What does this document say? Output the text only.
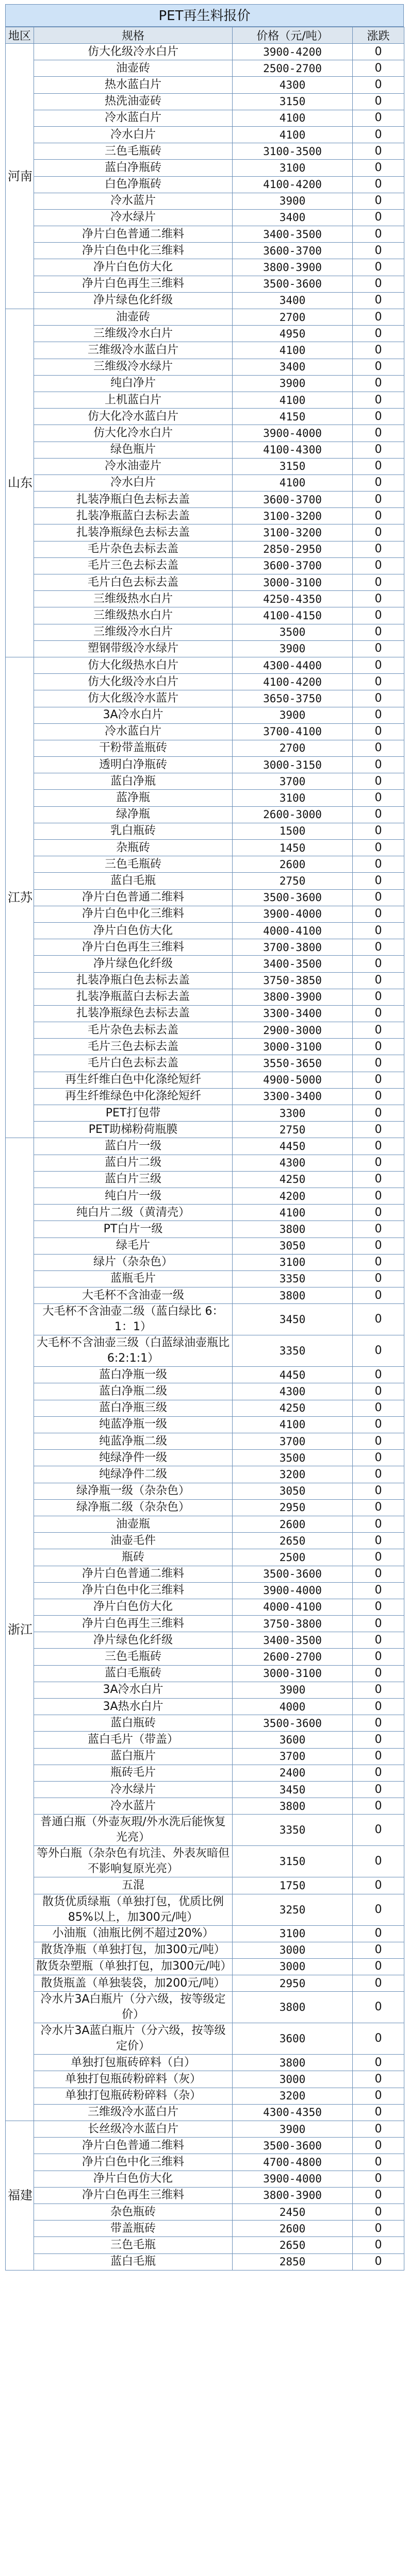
PET再生料报价
地区	规格	价格（元/吨）	涨跌
河南	仿大化级冷水白片	3900-4200	0
	油壶砖	2500-2700	0
	热水蓝白片	4300	0
	热洗油壶砖	3150	0
	冷水蓝白片	4100	0
	冷水白片	4100	0
	三色毛瓶砖	3100-3500	0
	蓝白净瓶砖	3100	0
	白色净瓶砖	4100-4200	0
	冷水蓝片	3900	0
	冷水绿片	3400	0
	净片白色普通二维料	3400-3500	0
	净片白色中化三维料	3600-3700	0
	净片白色仿大化	3800-3900	0
	净片白色再生三维料	3500-3600	0
	净片绿色化纤级	3400	0
山东	油壶砖	2700	0
	三维级冷水白片	4950	0
	三维级冷水蓝白片	4100	0
	三维级冷水绿片	3400	0
	纯白净片	3900	0
	上机蓝白片	4100	0
	仿大化冷水蓝白片	4150	0
	仿大化冷水白片	3900-4000	0
	绿色瓶片	4100-4300	0
	冷水油壶片	3150	0
	冷水白片	4100	0
	扎装净瓶白色去标去盖	3600-3700	0
	扎装净瓶蓝白去标去盖	3100-3200	0
	扎装净瓶绿色去标去盖	3100-3200	0
	毛片杂色去标去盖	2850-2950	0
	毛片三色去标去盖	3600-3700	0
	毛片白色去标去盖	3000-3100	0
	三维级热水白片	4250-4350	0
	三维级热水白片	4100-4150	0
	三维级冷水白片	3500	0
	塑钢带级冷水绿片	3900	0
江苏	仿大化级热水白片	4300-4400	0
	仿大化级冷水白片	4100-4200	0
	仿大化级冷水蓝片	3650-3750	0
	3A冷水白片	3900	0
	冷水蓝白片	3700-4100	0
	干粉带盖瓶砖	2700	0
	透明白净瓶砖	3000-3150	0
	蓝白净瓶	3700	0
	蓝净瓶	3100	0
	绿净瓶	2600-3000	0
	乳白瓶砖	1500	0
	杂瓶砖	1450	0
	三色毛瓶砖	2600	0
	蓝白毛瓶	2750	0
	净片白色普通二维料	3500-3600	0
	净片白色中化三维料	3900-4000	0
	净片白色仿大化	4000-4100	0
	净片白色再生三维料	3700-3800	0
	净片绿色化纤级	3400-3500	0
	扎装净瓶白色去标去盖	3750-3850	0
	扎装净瓶蓝白去标去盖	3800-3900	0
	扎装净瓶绿色去标去盖	3300-3400	0
	毛片杂色去标去盖	2900-3000	0
	毛片三色去标去盖	3000-3100	0
	毛片白色去标去盖	3550-3650	0
	再生纤维白色中化涤纶短纤	4900-5000	0
	再生纤维绿色中化涤纶短纤	3300-3400	0
	PET打包带	3300	0
	PET助梯粉荷瓶膜	2750	0
浙江	蓝白片一级	4450	0
	蓝白片二级	4300	0
	蓝白片三级	4250	0
	纯白片一级	4200	0
	纯白片二级（黄清壳）	4100	0
	PT白片一级	3800	0
	绿毛片	3050	0
	绿片（杂杂色）	3100	0
	蓝瓶毛片	3350	0
	大毛杯不含油壶一级	3800	0
	大毛杯不含油壶二级（蓝白绿比 6：1：1）	3450	0
	大毛杯不含油壶三级（白蓝绿油壶瓶比6:2:1:1）	3350	0
	蓝白净瓶一级	4450	0
	蓝白净瓶二级	4300	0
	蓝白净瓶三级	4250	0
	纯蓝净瓶一级	4100	0
	纯蓝净瓶二级	3700	0
	纯绿净件一级	3500	0
	纯绿净件二级	3200	0
	绿净瓶一级（杂杂色）	3050	0
	绿净瓶二级（杂杂色）	2950	0
	油壶瓶	2600	0
	油壶毛件	2650	0
	瓶砖	2500	0
	净片白色普通二维料	3500-3600	0
	净片白色中化三维料	3900-4000	0
	净片白色仿大化	4000-4100	0
	净片白色再生三维料	3750-3800	0
	净片绿色化纤级	3400-3500	0
	三色毛瓶砖	2600-2700	0
	蓝白毛瓶砖	3000-3100	0
	3A冷水白片	3900	0
	3A热水白片	4000	0
	蓝白瓶砖	3500-3600	0
	蓝白毛片（带盖）	3600	0
	蓝白瓶片	3700	0
	瓶砖毛片	2400	0
	冷水绿片	3450	0
	冷水蓝片	3800	0
	普通白瓶（外壶灰瑕/外水洗后能恢复光亮）	3350	0
	等外白瓶（杂杂色有坑洼、外表灰暗但不影响复原光亮）	3150	0
	五混	1750	0
	散货优质绿瓶（单独打包，优质比例85%以上，加300元/吨）	3250	0
	小油瓶（油瓶比例不超过20%）	3100	0
	散货净瓶（单独打包，加300元/吨）	3000	0
	散货杂塑瓶（单独打包，加300元/吨）	3000	0
	散货瓶盖（单独装袋，加200元/吨）	2950	0
	冷水片3A白瓶片（分六级，按等级定价）	3800	0
	冷水片3A蓝白瓶片（分六级，按等级定价）	3600	0
	单独打包瓶砖碎料（白）	3800	0
	单独打包瓶砖粉碎料（灰）	3000	0
	单独打包瓶砖粉碎料（杂）	3200	0
	三维级冷水蓝白片	4300-4350	0
福建	长丝级冷水蓝白片	3900	0
	净片白色普通二维料	3500-3600	0
	净片白色中化三维料	4700-4800	0
	净片白色仿大化	3900-4000	0
	净片白色再生三维料	3800-3900	0
	杂色瓶砖	2450	0
	带盖瓶砖	2600	0
	三色毛瓶	2650	0
	蓝白毛瓶	2850	0
